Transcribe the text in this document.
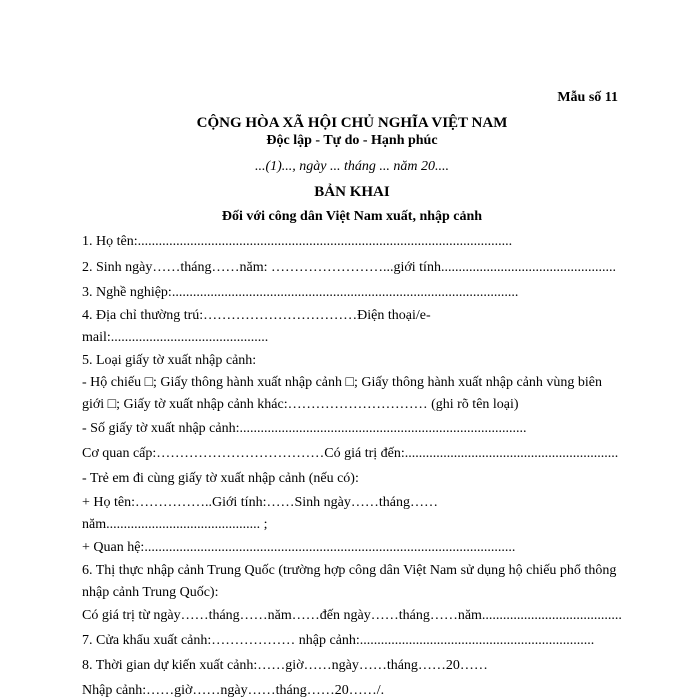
Mẫu số 11

CỘNG HÒA XÃ HỘI CHỦ NGHĨA VIỆT NAM

Độc lập - Tự do - Hạnh phúc

...(1)..., ngày ... tháng ... năm 20....

BẢN KHAI

Đối với công dân Việt Nam xuất, nhập cảnh

1. Họ tên:...........................................................................................................

2. Sinh ngày……tháng……năm: ……………………...giới tính..................................................

3. Nghề nghiệp:...................................................................................................

4. Địa chỉ thường trú:……………………………Điện thoại/e-mail:.............................................

5. Loại giấy tờ xuất nhập cảnh:

- Hộ chiếu □; Giấy thông hành xuất nhập cảnh □; Giấy thông hành xuất nhập cảnh vùng biên giới □; Giấy tờ xuất nhập cảnh khác:………………………… (ghi rõ tên loại)

- Số giấy tờ xuất nhập cảnh:..................................................................................

Cơ quan cấp:………………………………Có giá trị đến:.............................................................

- Trẻ em đi cùng giấy tờ xuất nhập cảnh (nếu có):

+ Họ tên:……………..Giới tính:……Sinh ngày……tháng…… năm............................................ ;

+ Quan hệ:..........................................................................................................

6. Thị thực nhập cảnh Trung Quốc (trường hợp công dân Việt Nam sử dụng hộ chiếu phổ thông nhập cảnh Trung Quốc):

Có giá trị từ ngày……tháng……năm……đến ngày……tháng……năm........................................

7. Cửa khẩu xuất cảnh:……………… nhập cảnh:...................................................................

8. Thời gian dự kiến xuất cảnh:……giờ……ngày……tháng……20……

Nhập cảnh:……giờ……ngày……tháng……20……/.
